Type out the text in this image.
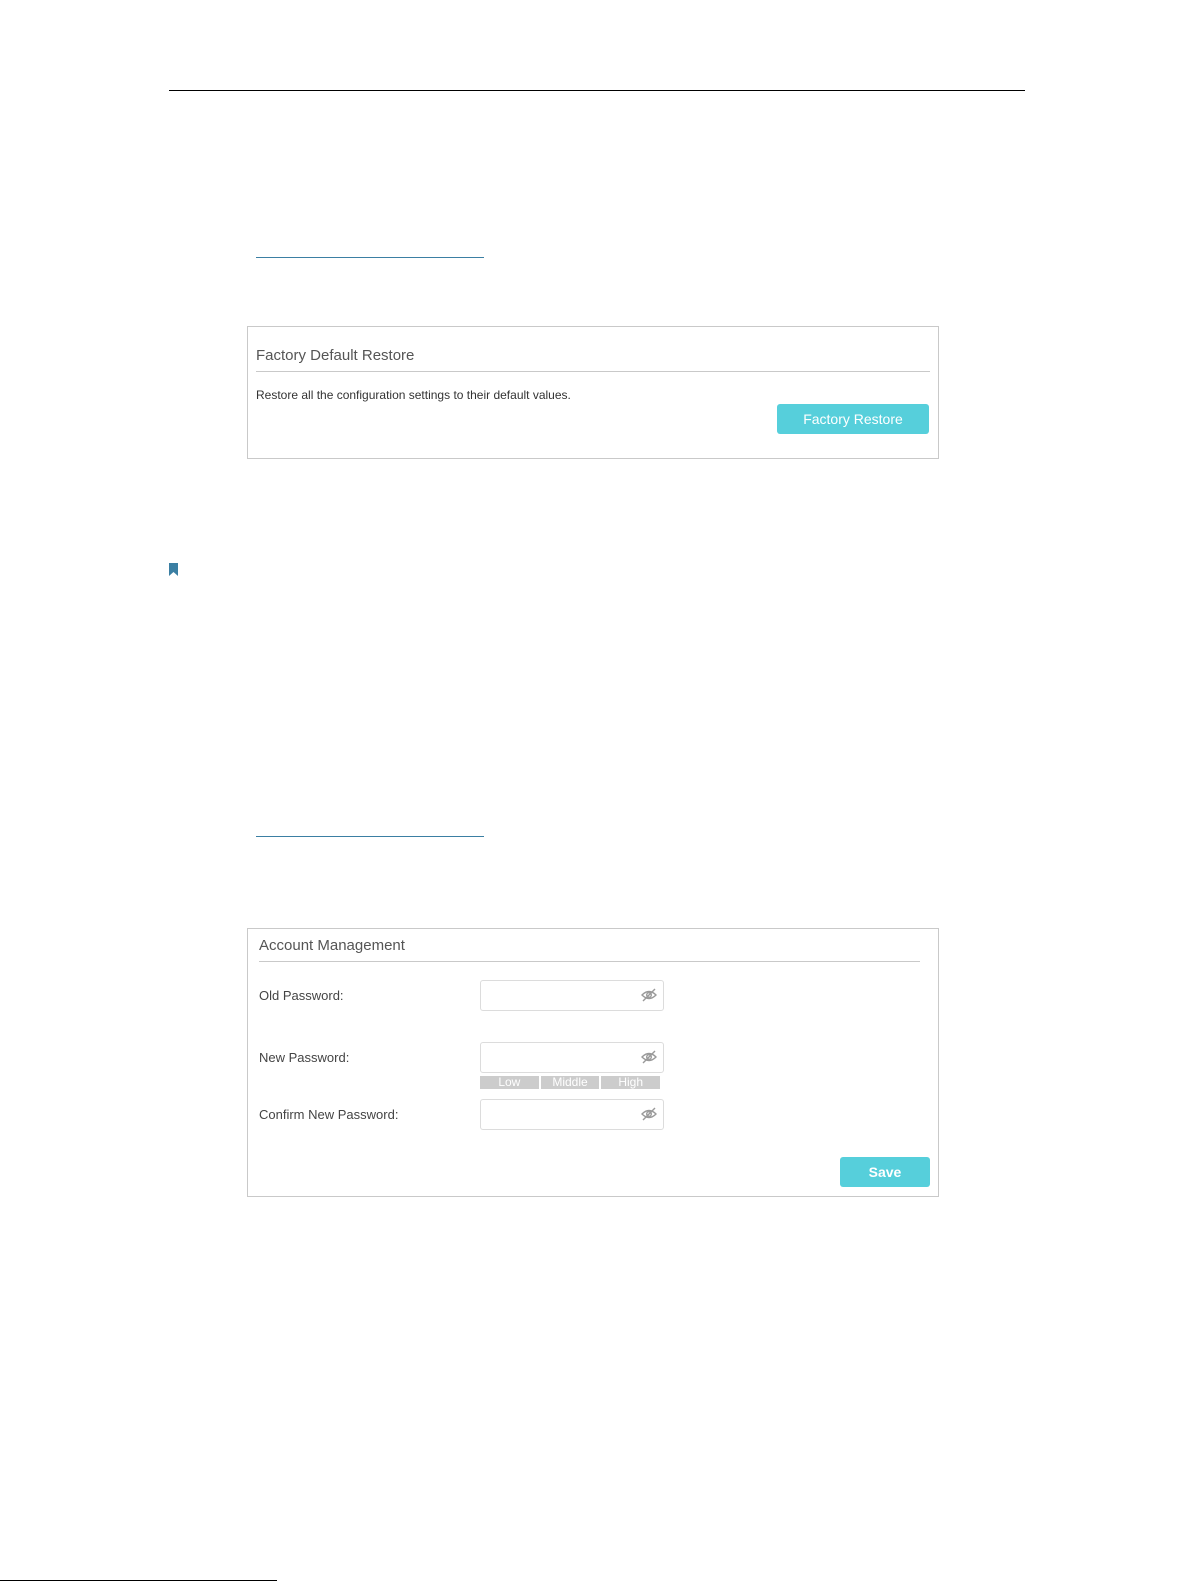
Factory Default Restore
Restore all the configuration settings to their default values.
Factory Restore
Account Management
Old Password:
New Password:
Low	Middle	High
Confirm New Password:
Save
